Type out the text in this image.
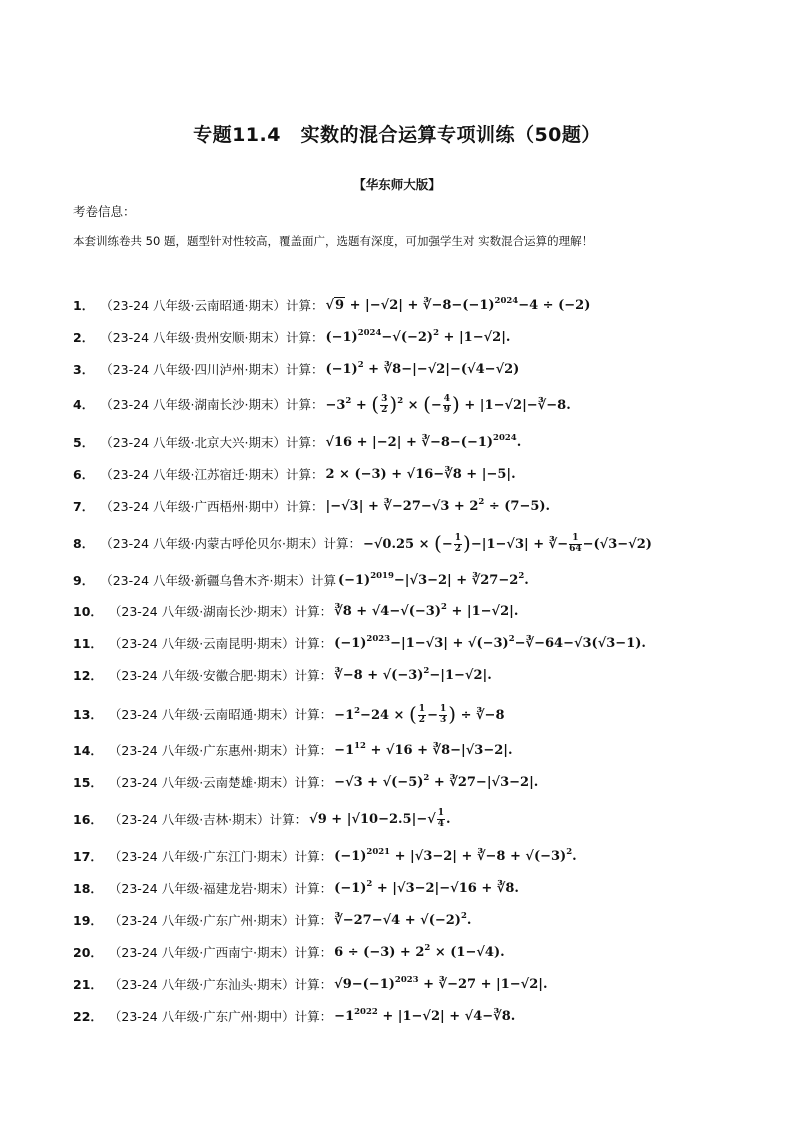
专题11.4　实数的混合运算专项训练（50题）
【华东师大版】
考卷信息：
本套训练卷共 50 题，题型针对性较高，覆盖面广，选题有深度，可加强学生对 实数混合运算的理解！
1． （23-24 八年级·云南昭通·期末） 计算： $√9 + |-√2| + ∛-8-(-1)^{2024}-4 \div (-2)$
2． （23-24 八年级·贵州安顺·期末） 计算： $(-1)^{2024}-√(-2)^2 + |1-√2|$.
3． （23-24 八年级·四川泸州·期末） 计算： $(-1)^2$ + ∛8−|−√2|−(√4−√2)
4． （23-24 八年级·湖南长沙·期末） 计算： $-3^2$ + ( $\frac{3}{2} )^2$ × (− $\frac{4}{9}$ ) + |1−√2|−∛−8.
5． （23-24 八年级·北京大兴·期末） 计算： $√16 + |-2| + ∛-8-(-1)^{2024}$.
6． （23-24 八年级·江苏宿迁·期末） 计算： 2 × (−3) + √16−∛8 + |−5|.
7． （23-24 八年级·广西梧州·期中） 计算： |−√3| + ∛−27−√3 + $2^2 \div (7-5)$.
8． （23-24 八年级·内蒙古呼伦贝尔·期末） 计算： −√0.25 × (− $\frac{1}{2} )-|1-√3|$ + ∛− $\frac{1}{64} -(√3-√2)$
9． （23-24 八年级·新疆乌鲁木齐·期末） 计算 $(-1)^{2019}-|√3-2|$ + $∛27-2^2$.
10． （23-24 八年级·湖南长沙·期末） 计算： ∛8 + $√4-√(-3)^2 + |1-√2|$.
11． （23-24 八年级·云南昆明·期末） 计算： $(-1)^{2023}-|1-√3|$ + $√(-3)^2-∛-64-√3(√3-1)$.
12． （23-24 八年级·安徽合肥·期末） 计算： ∛−8 + $√(-3)^2-|1-√2|$.
13． （23-24 八年级·云南昭通·期末） 计算： $-1^2-24$ × ( $\frac{1}{2} - \frac{1}{3}$ ) ÷ ∛−8
14． （23-24 八年级·广东惠州·期末） 计算： $-1^{12} + √16$ + ∛8−|√3−2|.
15． （23-24 八年级·云南楚雄·期末） 计算： $-√3 + √(-5)^2$ + ∛27−|√3−2|.
16． （23-24 八年级·吉林·期末） 计算： $√9 + |√10-2.5|-√ \frac{1}{4}$ .
17． （23-24 八年级·广东江门·期末） 计算： $(-1)^{2021} + |√3-2|$ + ∛−8 + $√(-3)^2$.
18． （23-24 八年级·福建龙岩·期末） 计算： $(-1)^2 + |√3-2|-√16$ + ∛8.
19． （23-24 八年级·广东广州·期末） 计算： ∛−27−√4 + $√(-2)^2$.
20． （23-24 八年级·广西南宁·期末） 计算： $6 \div (-3) + 2^2 \times (1-√4)$.
21． （23-24 八年级·广东汕头·期末） 计算： $√9-(-1)^{2023}$ + ∛−27 + |1−√2|.
22． （23-24 八年级·广东广州·期中） 计算： $-1^{2022} + |1-√2|$ + √4−∛8.
